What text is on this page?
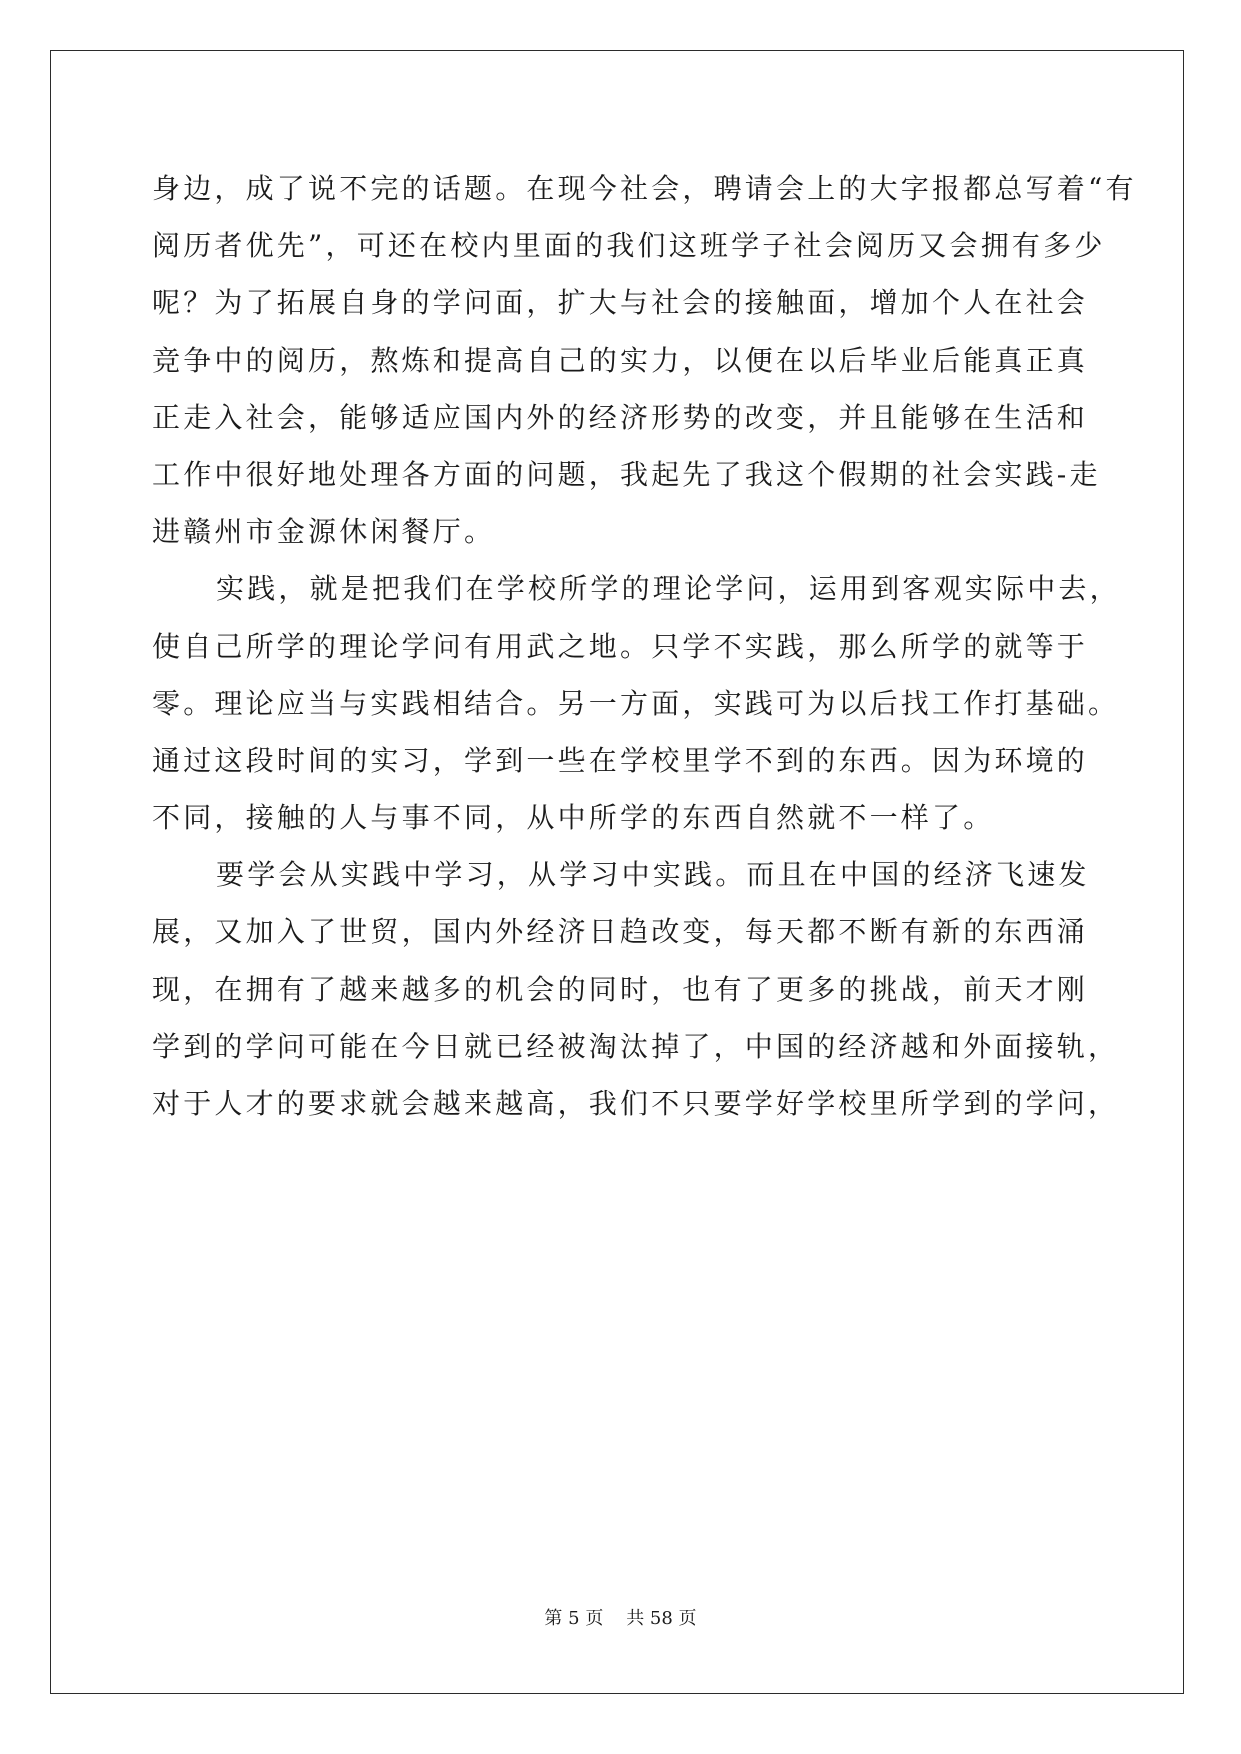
身边，成了说不完的话题。在现今社会，聘请会上的大字报都总写着“有
阅历者优先”，可还在校内里面的我们这班学子社会阅历又会拥有多少
呢？为了拓展自身的学问面，扩大与社会的接触面，增加个人在社会
竞争中的阅历，熬炼和提高自己的实力，以便在以后毕业后能真正真
正走入社会，能够适应国内外的经济形势的改变，并且能够在生活和
工作中很好地处理各方面的问题，我起先了我这个假期的社会实践-走
进赣州市金源休闲餐厅。
实践，就是把我们在学校所学的理论学问，运用到客观实际中去，
使自己所学的理论学问有用武之地。只学不实践，那么所学的就等于
零。理论应当与实践相结合。另一方面，实践可为以后找工作打基础。
通过这段时间的实习，学到一些在学校里学不到的东西。因为环境的
不同，接触的人与事不同，从中所学的东西自然就不一样了。
要学会从实践中学习，从学习中实践。而且在中国的经济飞速发
展，又加入了世贸，国内外经济日趋改变，每天都不断有新的东西涌
现，在拥有了越来越多的机会的同时，也有了更多的挑战，前天才刚
学到的学问可能在今日就已经被淘汰掉了，中国的经济越和外面接轨，
对于人才的要求就会越来越高，我们不只要学好学校里所学到的学问，
第 5 页    共 58 页
